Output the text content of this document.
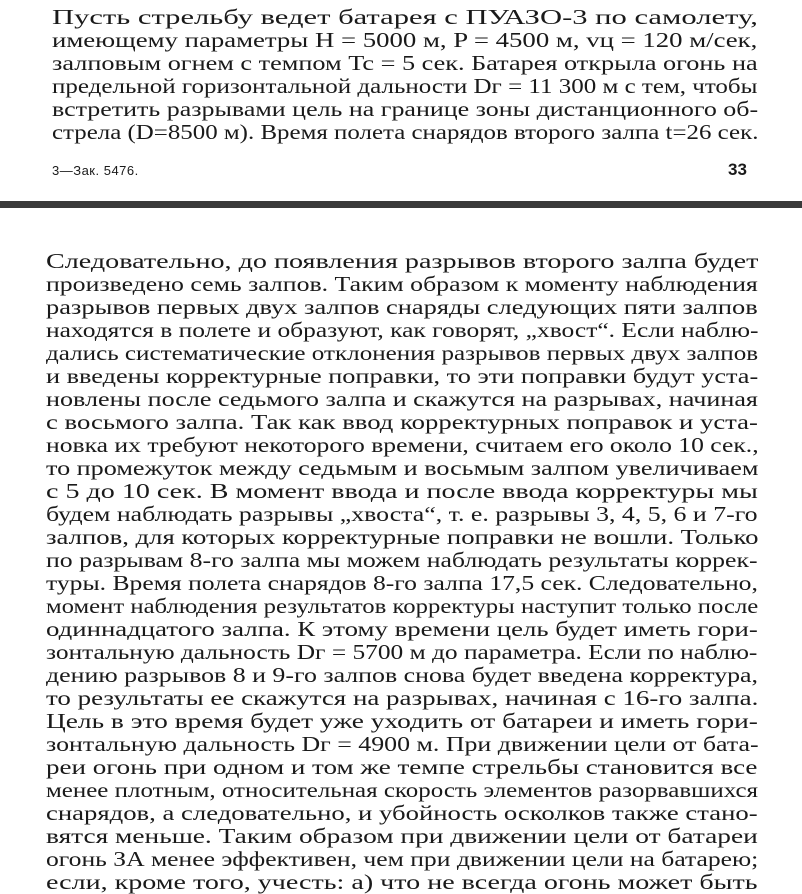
Пусть стрельбу ведет батарея с ПУАЗО-3 по самолету,
имеющему параметры H = 5000 м, P = 4500 м, vц = 120 м/сек,
залповым огнем с темпом Tc = 5 сек. Батарея открыла огонь на
предельной горизонтальной дальности Dг = 11 300 м с тем, чтобы
встретить разрывами цель на границе зоны дистанционного об-
стрела (D=8500 м). Время полета снарядов второго залпа t=26 сек.
3—Зак. 5476.	33
Следовательно, до появления разрывов второго залпа будет
произведено семь залпов. Таким образом к моменту наблюдения
разрывов первых двух залпов снаряды следующих пяти залпов
находятся в полете и образуют, как говорят, „хвост“. Если наблю-
дались систематические отклонения разрывов первых двух залпов
и введены корректурные поправки, то эти поправки будут уста-
новлены после седьмого залпа и скажутся на разрывах, начиная
с восьмого залпа. Так как ввод корректурных поправок и уста-
новка их требуют некоторого времени, считаем его около 10 сек.,
то промежуток между седьмым и восьмым залпом увеличиваем
с 5 до 10 сек. В момент ввода и после ввода корректуры мы
будем наблюдать разрывы „хвоста“, т. е. разрывы 3, 4, 5, 6 и 7-го
залпов, для которых корректурные поправки не вошли. Только
по разрывам 8-го залпа мы можем наблюдать результаты коррек-
туры. Время полета снарядов 8-го залпа 17,5 сек. Следовательно,
момент наблюдения результатов корректуры наступит только после
одиннадцатого залпа. К этому времени цель будет иметь гори-
зонтальную дальность Dг = 5700 м до параметра. Если по наблю-
дению разрывов 8 и 9-го залпов снова будет введена корректура,
то результаты ее скажутся на разрывах, начиная с 16-го залпа.
Цель в это время будет уже уходить от батареи и иметь гори-
зонтальную дальность Dг = 4900 м. При движении цели от бата-
реи огонь при одном и том же темпе стрельбы становится все
менее плотным, относительная скорость элементов разорвавшихся
снарядов, а следовательно, и убойность осколков также стано-
вятся меньше. Таким образом при движении цели от батареи
огонь ЗА менее эффективен, чем при движении цели на батарею;
если, кроме того, учесть: а) что не всегда огонь может быть
